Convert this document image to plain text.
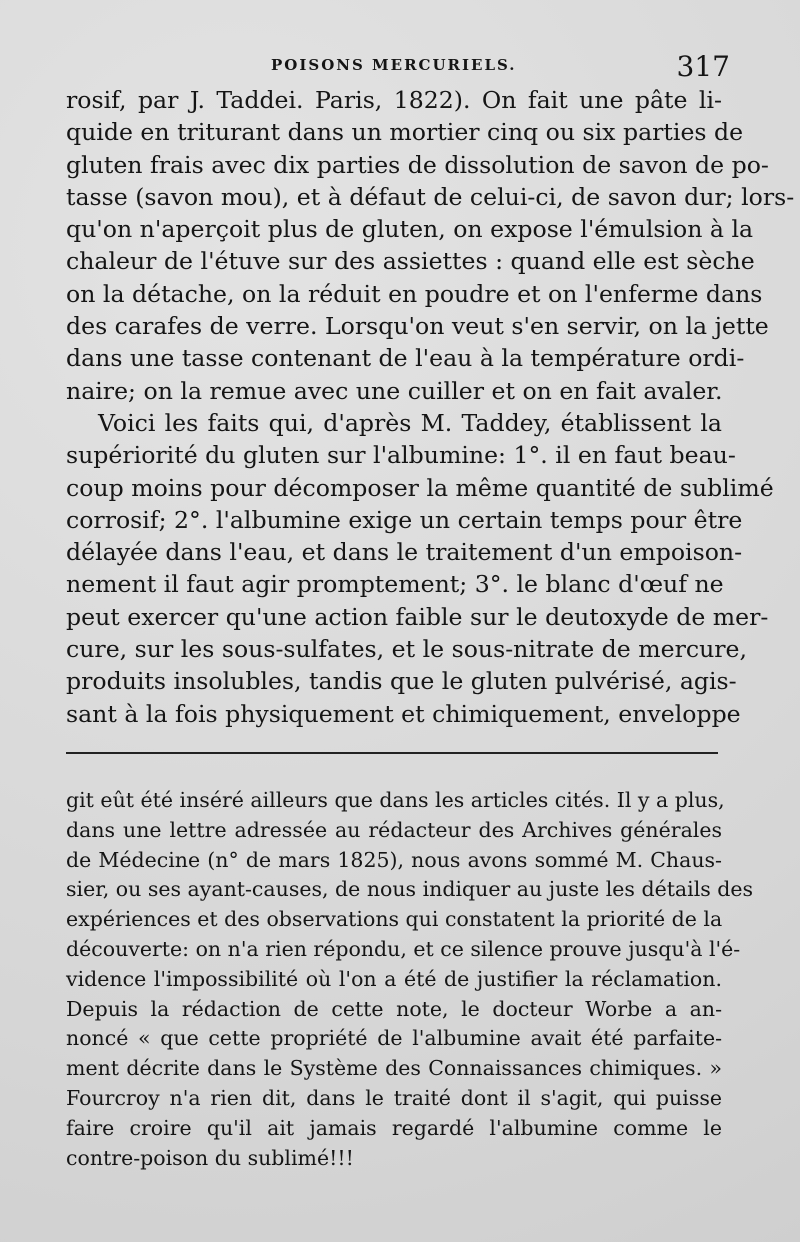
POISONS MERCURIELS.	317
rosif, par J. Taddei. Paris, 1822). On fait une pâte li-
quide en triturant dans un mortier cinq ou six parties de
gluten frais avec dix parties de dissolution de savon de po-
tasse (savon mou), et à défaut de celui-ci, de savon dur; lors-
qu'on n'aperçoit plus de gluten, on expose l'émulsion à la
chaleur de l'étuve sur des assiettes : quand elle est sèche
on la détache, on la réduit en poudre et on l'enferme dans
des carafes de verre. Lorsqu'on veut s'en servir, on la jette
dans une tasse contenant de l'eau à la température ordi-
naire; on la remue avec une cuiller et on en fait avaler.
Voici les faits qui, d'après M. Taddey, établissent la
supériorité du gluten sur l'albumine: 1°. il en faut beau-
coup moins pour décomposer la même quantité de sublimé
corrosif; 2°. l'albumine exige un certain temps pour être
délayée dans l'eau, et dans le traitement d'un empoison-
nement il faut agir promptement; 3°. le blanc d'œuf ne
peut exercer qu'une action faible sur le deutoxyde de mer-
cure, sur les sous-sulfates, et le sous-nitrate de mercure,
produits insolubles, tandis que le gluten pulvérisé, agis-
sant à la fois physiquement et chimiquement, enveloppe
git eût été inséré ailleurs que dans les articles cités. Il y a plus,
dans une lettre adressée au rédacteur des Archives générales
de Médecine (n° de mars 1825), nous avons sommé M. Chaus-
sier, ou ses ayant-causes, de nous indiquer au juste les détails des
expériences et des observations qui constatent la priorité de la
découverte: on n'a rien répondu, et ce silence prouve jusqu'à l'é-
vidence l'impossibilité où l'on a été de justifier la réclamation.
Depuis la rédaction de cette note, le docteur Worbe a an-
noncé « que cette propriété de l'albumine avait été parfaite-
ment décrite dans le Système des Connaissances chimiques. »
Fourcroy n'a rien dit, dans le traité dont il s'agit, qui puisse
faire croire qu'il ait jamais regardé l'albumine comme le
contre-poison du sublimé!!!
